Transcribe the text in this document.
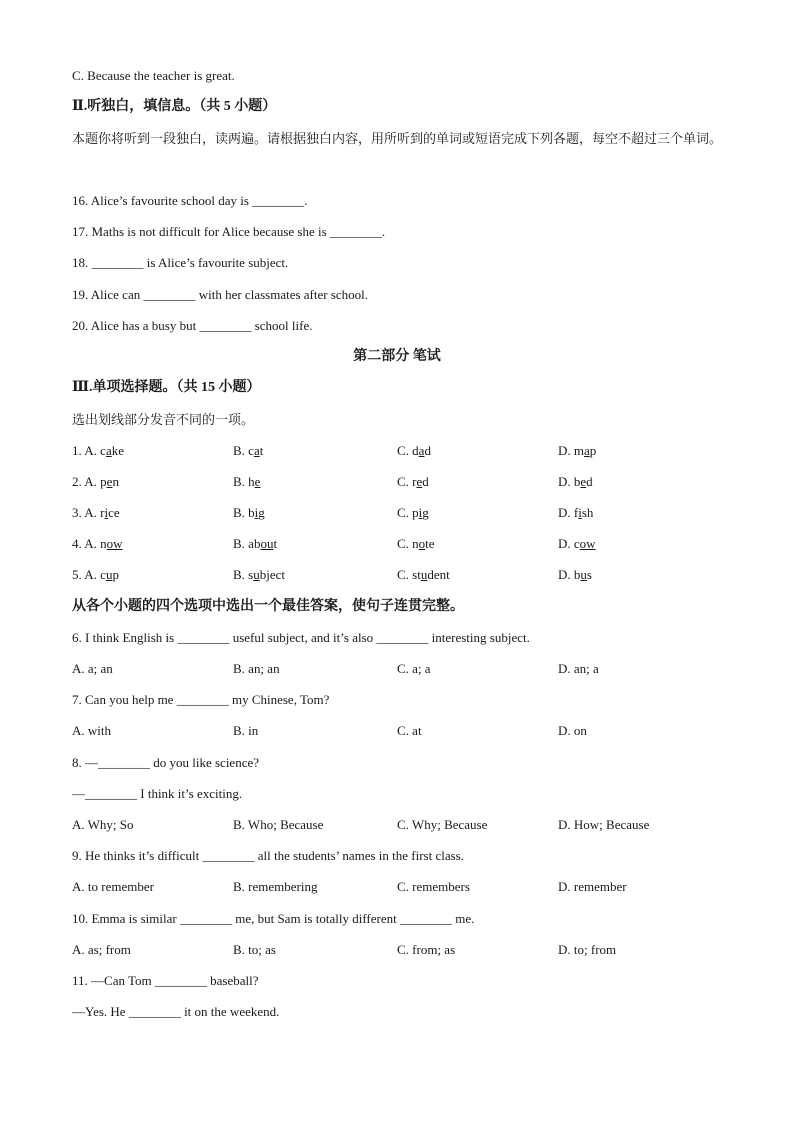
C. Because the teacher is great.
Ⅱ.听独白，填信息。（共 5 小题）
本题你将听到一段独白，读两遍。请根据独白内容，用所听到的单词或短语完成下列各题，每空不超过三个单词。
16. Alice’s favourite school day is ________.
17. Maths is not difficult for Alice because she is ________.
18. ________ is Alice’s favourite subject.
19. Alice can ________ with her classmates after school.
20. Alice has a busy but ________ school life.
第二部分 笔试
Ⅲ.单项选择题。（共 15 小题）
选出划线部分发音不同的一项。
1. A. cake	B. cat	C. dad	D. map
2. A. pen	B. he	C. red	D. bed
3. A. rice	B. big	C. pig	D. fish
4. A. now	B. about	C. note	D. cow
5. A. cup	B. subject	C. student	D. bus
从各个小题的四个选项中选出一个最佳答案，使句子连贯完整。
6. I think English is ________ useful subject, and it’s also ________ interesting subject.
A. a; an	B. an; an	C. a; a	D. an; a
7. Can you help me ________ my Chinese, Tom?
A. with	B. in	C. at	D. on
8. —________ do you like science?
—________ I think it’s exciting.
A. Why; So	B. Who; Because	C. Why; Because	D. How; Because
9. He thinks it’s difficult ________ all the students’ names in the first class.
A. to remember	B. remembering	C. remembers	D. remember
10. Emma is similar ________ me, but Sam is totally different ________ me.
A. as; from	B. to; as	C. from; as	D. to; from
11. —Can Tom ________ baseball?
—Yes. He ________ it on the weekend.
